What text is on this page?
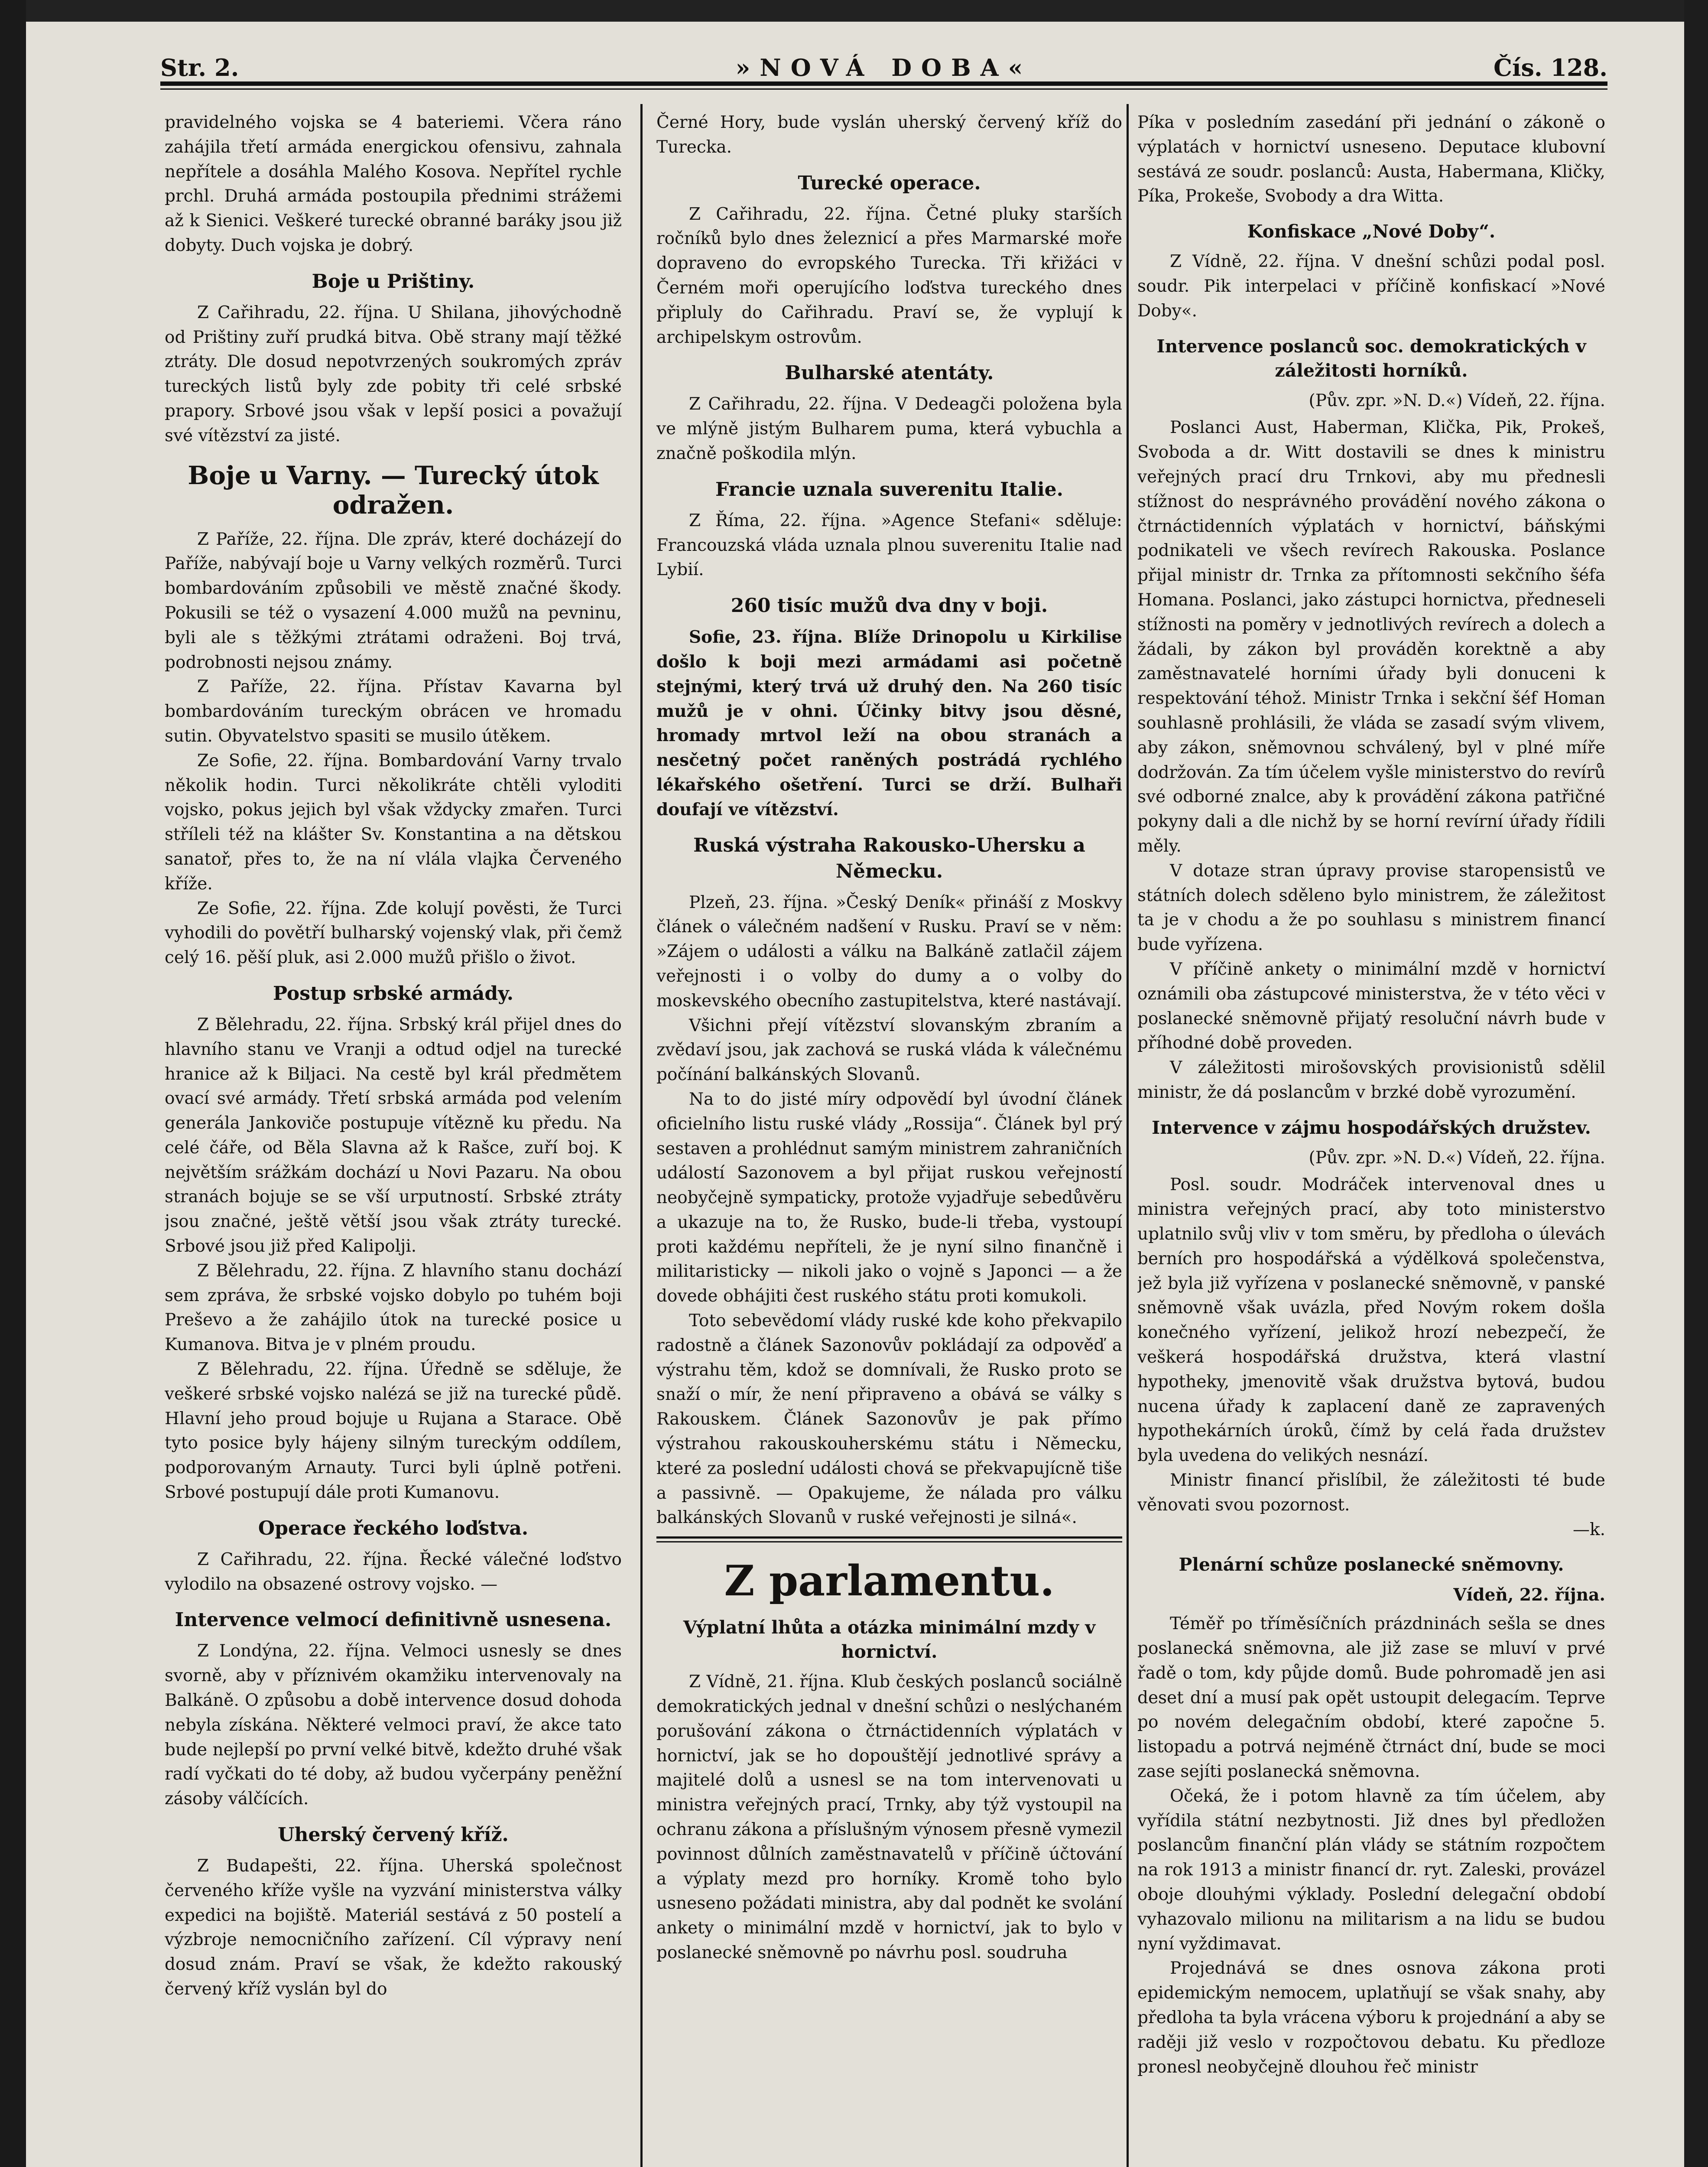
Str. 2.	»NOVÁ DOBA«	Čís. 128.

pravidelného vojska se 4 bateriemi. Včera ráno zahájila třetí armáda energickou ofensivu, zahnala nepřítele a dosáhla Malého Kosova. Nepřítel rychle prchl. Druhá armáda postoupila přednimi strážemi až k Sienici. Veškeré turecké obranné baráky jsou již dobyty. Duch vojska je dobrý.

Boje u Prištiny.

Z Cařihradu, 22. října. U Shilana, jihovýchodně od Prištiny zuří prudká bitva. Obě strany mají těžké ztráty. Dle dosud nepotvrzených soukromých zpráv tureckých listů byly zde pobity tři celé srbské prapory. Srbové jsou však v lepší posici a považují své vítězství za jisté.

Boje u Varny. — Turecký útok odražen.

Z Paříže, 22. října. Dle zpráv, které docházejí do Paříže, nabývají boje u Varny velkých rozměrů. Turci bombardováním způsobili ve městě značné škody. Pokusili se též o vysazení 4.000 mužů na pevninu, byli ale s těžkými ztrátami odraženi. Boj trvá, podrobnosti nejsou známy.

Z Paříže, 22. října. Přístav Kavarna byl bombardováním tureckým obrácen ve hromadu sutin. Obyvatelstvo spasiti se musilo útěkem.

Ze Sofie, 22. října. Bombardování Varny trvalo několik hodin. Turci několikráte chtěli vyloditi vojsko, pokus jejich byl však vždycky zmařen. Turci stříleli též na klášter Sv. Konstantina a na dětskou sanatoř, přes to, že na ní vlála vlajka Červeného kříže.

Ze Sofie, 22. října. Zde kolují pověsti, že Turci vyhodili do povětří bulharský vojenský vlak, při čemž celý 16. pěší pluk, asi 2.000 mužů přišlo o život.

Postup srbské armády.

Z Bělehradu, 22. října. Srbský král přijel dnes do hlavního stanu ve Vranji a odtud odjel na turecké hranice až k Biljaci. Na cestě byl král předmětem ovací své armády. Třetí srbská armáda pod velením generála Jankoviče postupuje vítězně ku předu. Na celé čáře, od Běla Slavna až k Rašce, zuří boj. K největším srážkám dochází u Novi Pazaru. Na obou stranách bojuje se se vší urputností. Srbské ztráty jsou značné, ještě větší jsou však ztráty turecké. Srbové jsou již před Kalipolji.

Z Bělehradu, 22. října. Z hlavního stanu dochází sem zpráva, že srbské vojsko dobylo po tuhém boji Preševo a že zahájilo útok na turecké posice u Kumanova. Bitva je v plném proudu.

Z Bělehradu, 22. října. Úředně se sděluje, že veškeré srbské vojsko nalézá se již na turecké půdě. Hlavní jeho proud bojuje u Rujana a Starace. Obě tyto posice byly hájeny silným tureckým oddílem, podporovaným Arnauty. Turci byli úplně potřeni. Srbové postupují dále proti Kumanovu.

Operace řeckého loďstva.

Z Cařihradu, 22. října. Řecké válečné loďstvo vylodilo na obsazené ostrovy vojsko. —

Intervence velmocí definitivně usnesena.

Z Londýna, 22. října. Velmoci usnesly se dnes svorně, aby v příznivém okamžiku intervenovaly na Balkáně. O způsobu a době intervence dosud dohoda nebyla získána. Některé velmoci praví, že akce tato bude nejlepší po první velké bitvě, kdežto druhé však radí vyčkati do té doby, až budou vyčerpány peněžní zásoby válčících.

Uherský červený kříž.

Z Budapešti, 22. října. Uherská společnost červeného kříže vyšle na vyzvání ministerstva války expedici na bojiště. Materiál sestává z 50 postelí a výzbroje nemocničního zařízení. Cíl výpravy není dosud znám. Praví se však, že kdežto rakouský červený kříž vyslán byl do

Černé Hory, bude vyslán uherský červený kříž do Turecka.

Turecké operace.

Z Cařihradu, 22. října. Četné pluky starších ročníků bylo dnes železnicí a přes Marmarské moře dopraveno do evropského Turecka. Tři křižáci v Černém moři operujícího loďstva tureckého dnes připluly do Cařihradu. Praví se, že vyplují k archipelskym ostrovům.

Bulharské atentáty.

Z Cařihradu, 22. října. V Dedeagči položena byla ve mlýně jistým Bulharem puma, která vybuchla a značně poškodila mlýn.

Francie uznala suverenitu Italie.

Z Říma, 22. října. »Agence Stefani« sděluje: Francouzská vláda uznala plnou suverenitu Italie nad Lybií.

260 tisíc mužů dva dny v boji.

Sofie, 23. října. Blíže Drinopolu u Kirkilise došlo k boji mezi armádami asi početně stejnými, který trvá už druhý den. Na 260 tisíc mužů je v ohni. Účinky bitvy jsou děsné, hromady mrtvol leží na obou stranách a nesčetný počet raněných postrádá rychlého lékařského ošetření. Turci se drží. Bulhaři doufají ve vítězství.

Ruská výstraha Rakousko-Uhersku a Německu.

Plzeň, 23. října. »Český Deník« přináší z Moskvy článek o válečném nadšení v Rusku. Praví se v něm: »Zájem o události a válku na Balkáně zatlačil zájem veřejnosti i o volby do dumy a o volby do moskevského obecního zastupitelstva, které nastávají.

Všichni přejí vítězství slovanským zbraním a zvědaví jsou, jak zachová se ruská vláda k válečnému počínání balkánských Slovanů.

Na to do jisté míry odpovědí byl úvodní článek oficielního listu ruské vlády „Rossija“. Článek byl prý sestaven a prohlédnut samým ministrem zahraničních událostí Sazonovem a byl přijat ruskou veřejností neobyčejně sympaticky, protože vyjadřuje sebedůvěru a ukazuje na to, že Rusko, bude-li třeba, vystoupí proti každému nepříteli, že je nyní silno finančně i militaristicky — nikoli jako o vojně s Japonci — a že dovede obhájiti čest ruského státu proti komukoli.

Toto sebevědomí vlády ruské kde koho překvapilo radostně a článek Sazonovův pokládají za odpověď a výstrahu těm, kdož se domnívali, že Rusko proto se snaží o mír, že není připraveno a obává se války s Rakouskem. Článek Sazonovův je pak přímo výstrahou rakouskouherskému státu i Německu, které za poslední události chová se překvapujícně tiše a passivně. — Opakujeme, že nálada pro válku balkánských Slovanů v ruské veřejnosti je silná«.

Z parlamentu.
Výplatní lhůta a otázka minimální mzdy v hornictví.

Z Vídně, 21. října. Klub českých poslanců sociálně demokratických jednal v dnešní schůzi o neslýchaném porušování zákona o čtrnáctidenních výplatách v hornictví, jak se ho dopouštějí jednotlivé správy a majitelé dolů a usnesl se na tom intervenovati u ministra veřejných prací, Trnky, aby týž vystoupil na ochranu zákona a příslušným výnosem přesně vymezil povinnost důlních zaměstnavatelů v příčině účtování a výplaty mezd pro horníky. Kromě toho bylo usneseno požádati ministra, aby dal podnět ke svolání ankety o minimální mzdě v hornictví, jak to bylo v poslanecké sněmovně po návrhu posl. soudruha

Píka v posledním zasedání při jednání o zákoně o výplatách v hornictví usneseno. Deputace klubovní sestává ze soudr. poslanců: Austa, Habermana, Kličky, Píka, Prokeše, Svobody a dra Witta.

Konfiskace „Nové Doby“.

Z Vídně, 22. října. V dnešní schůzi podal posl. soudr. Pik interpelaci v příčině konfiskací »Nové Doby«.

Intervence poslanců soc. demokratických v záležitosti horníků.

(Pův. zpr. »N. D.«) Vídeň, 22. října.

Poslanci Aust, Haberman, Klička, Pik, Prokeš, Svoboda a dr. Witt dostavili se dnes k ministru veřejných prací dru Trnkovi, aby mu přednesli stížnost do nesprávného provádění nového zákona o čtrnáctidenních výplatách v hornictví, báňskými podnikateli ve všech revírech Rakouska. Poslance přijal ministr dr. Trnka za přítomnosti sekčního šéfa Homana. Poslanci, jako zástupci hornictva, předneseli stížnosti na poměry v jednotlivých revírech a dolech a žádali, by zákon byl prováděn korektně a aby zaměstnavatelé horními úřady byli donuceni k respektování téhož. Ministr Trnka i sekční šéf Homan souhlasně prohlásili, že vláda se zasadí svým vlivem, aby zákon, sněmovnou schválený, byl v plné míře dodržován. Za tím účelem vyšle ministerstvo do revírů své odborné znalce, aby k provádění zákona patřičné pokyny dali a dle nichž by se horní revírní úřady řídili měly.

V dotaze stran úpravy provise staropensistů ve státních dolech sděleno bylo ministrem, že záležitost ta je v chodu a že po souhlasu s ministrem financí bude vyřízena.

V příčině ankety o minimální mzdě v hornictví oznámili oba zástupcové ministerstva, že v této věci v poslanecké sněmovně přijatý resoluční návrh bude v příhodné době proveden.

V záležitosti mirošovských provisionistů sdělil ministr, že dá poslancům v brzké době vyrozumění.

Intervence v zájmu hospodářských družstev.

(Pův. zpr. »N. D.«) Vídeň, 22. října.

Posl. soudr. Modráček intervenoval dnes u ministra veřejných prací, aby toto ministerstvo uplatnilo svůj vliv v tom směru, by předloha o úlevách berních pro hospodářská a výdělková společenstva, jež byla již vyřízena v poslanecké sněmovně, v panské sněmovně však uvázla, před Novým rokem došla konečného vyřízení, jelikož hrozí nebezpečí, že veškerá hospodářská družstva, která vlastní hypotheky, jmenovitě však družstva bytová, budou nucena úřady k zaplacení daně ze zapravených hypothekárních úroků, čímž by celá řada družstev byla uvedena do velikých nesnází.

Ministr financí přislíbil, že záležitosti té bude věnovati svou pozornost.

—k.

Plenární schůze poslanecké sněmovny.

Vídeň, 22. října.

Téměř po tříměsíčních prázdninách sešla se dnes poslanecká sněmovna, ale již zase se mluví v prvé řadě o tom, kdy půjde domů. Bude pohromadě jen asi deset dní a musí pak opět ustoupit delegacím. Teprve po novém delegačním období, které započne 5. listopadu a potrvá nejméně čtrnáct dní, bude se moci zase sejíti poslanecká sněmovna.

Očeká, že i potom hlavně za tím účelem, aby vyřídila státní nezbytnosti. Již dnes byl předložen poslancům finanční plán vlády se státním rozpočtem na rok 1913 a ministr financí dr. ryt. Zaleski, provázel oboje dlouhými výklady. Poslední delegační období vyhazovalo milionu na militarism a na lidu se budou nyní vyždimavat.

Projednává se dnes osnova zákona proti epidemickým nemocem, uplatňují se však snahy, aby předloha ta byla vrácena výboru k projednání a aby se raději již veslo v rozpočtovou debatu. Ku předloze pronesl neobyčejně dlouhou řeč ministr
